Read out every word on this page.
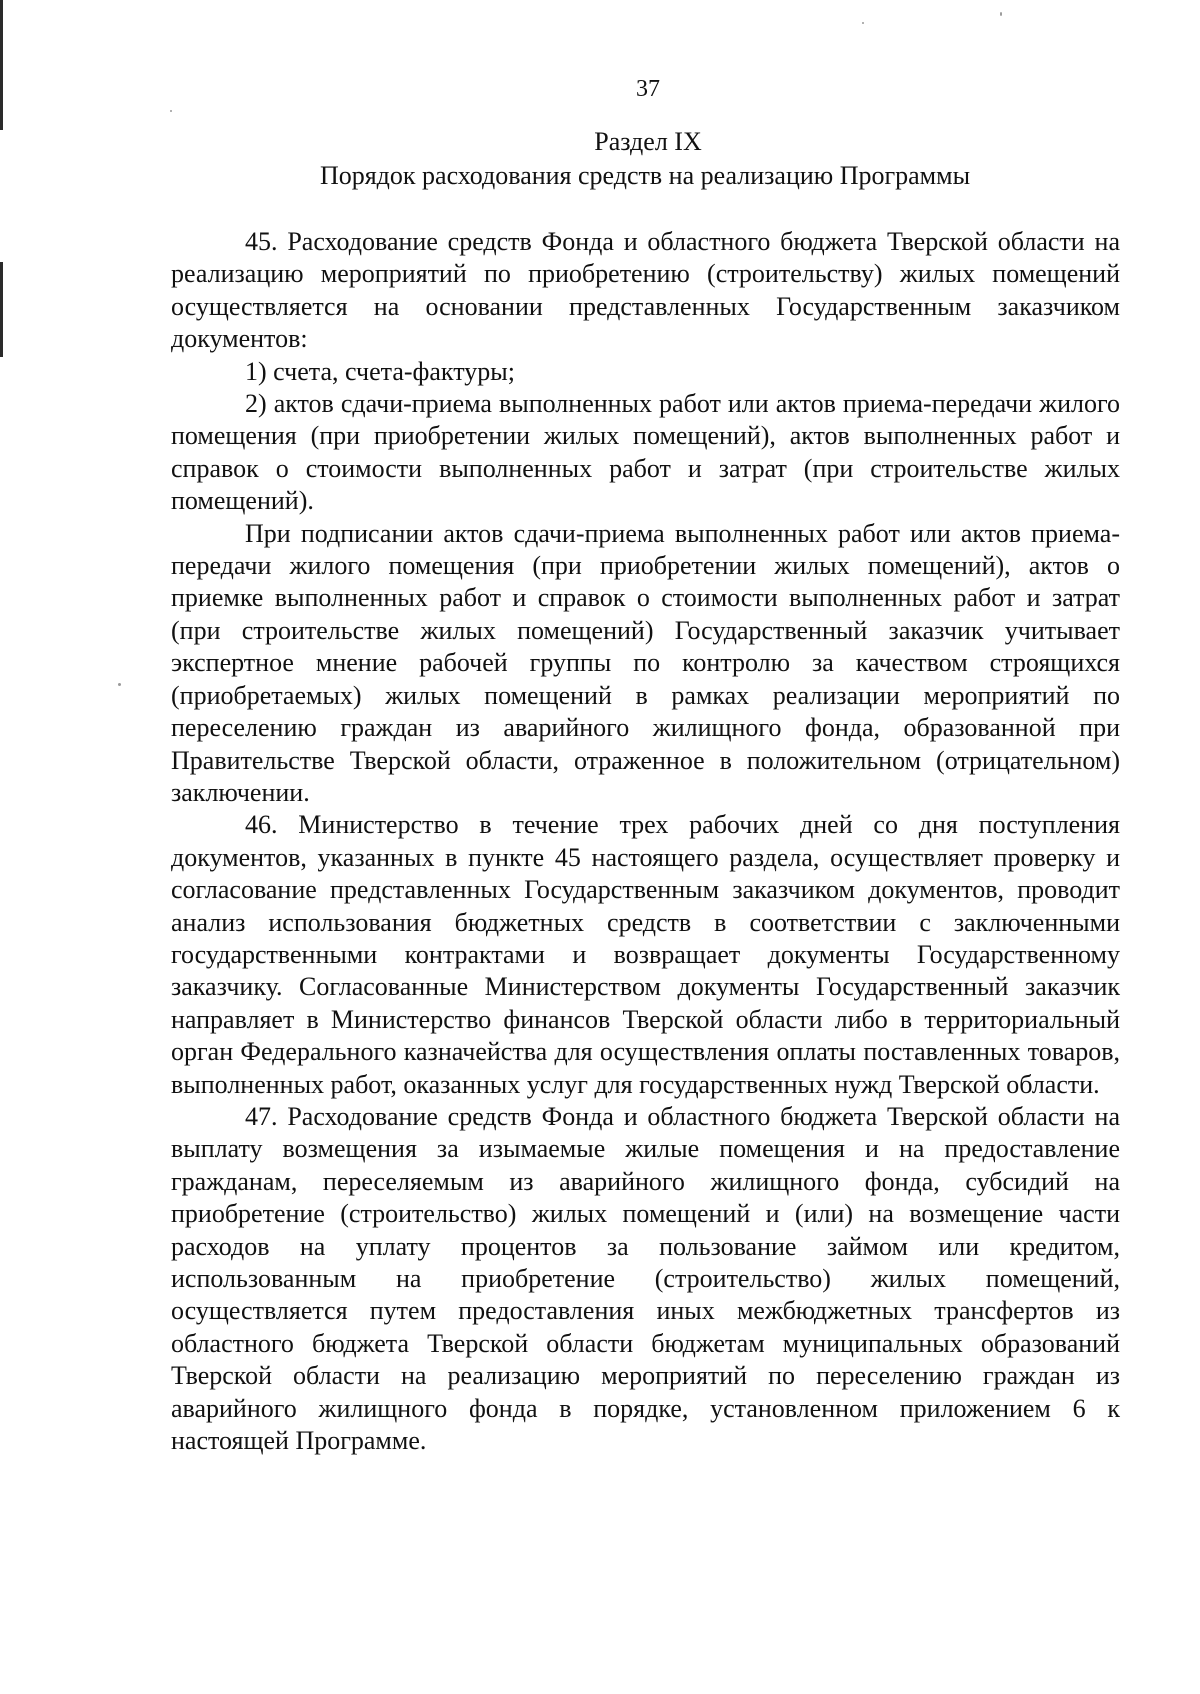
37
Раздел IX
Порядок расходования средств на реализацию Программы

45. Расходование средств Фонда и областного бюджета Тверской области на реализацию мероприятий по приобретению (строительству) жилых помещений осуществляется на основании представленных Государственным заказчиком документов:

1) счета, счета-фактуры;

2) актов сдачи-приема выполненных работ или актов приема-передачи жилого помещения (при приобретении жилых помещений), актов выполненных работ и справок о стоимости выполненных работ и затрат (при строительстве жилых помещений).

При подписании актов сдачи-приема выполненных работ или актов приема-передачи жилого помещения (при приобретении жилых помещений), актов о приемке выполненных работ и справок о стоимости выполненных работ и затрат (при строительстве жилых помещений) Государственный заказчик учитывает экспертное мнение рабочей группы по контролю за качеством строящихся (приобретаемых) жилых помещений в рамках реализации мероприятий по переселению граждан из аварийного жилищного фонда, образованной при Правительстве Тверской области, отраженное в положительном (отрицательном) заключении.

46. Министерство в течение трех рабочих дней со дня поступления документов, указанных в пункте 45 настоящего раздела, осуществляет проверку и согласование представленных Государственным заказчиком документов, проводит анализ использования бюджетных средств в соответствии с заключенными государственными контрактами и возвращает документы Государственному заказчику. Согласованные Министерством документы Государственный заказчик направляет в Министерство финансов Тверской области либо в территориальный орган Федерального казначейства для осуществления оплаты поставленных товаров, выполненных работ, оказанных услуг для государственных нужд Тверской области.

47. Расходование средств Фонда и областного бюджета Тверской области на выплату возмещения за изымаемые жилые помещения и на предоставление гражданам, переселяемым из аварийного жилищного фонда, субсидий на приобретение (строительство) жилых помещений и (или) на возмещение части расходов на уплату процентов за пользование займом или кредитом, использованным на приобретение (строительство) жилых помещений, осуществляется путем предоставления иных межбюджетных трансфертов из областного бюджета Тверской области бюджетам муниципальных образований Тверской области на реализацию мероприятий по переселению граждан из аварийного жилищного фонда в порядке, установленном приложением 6 к настоящей Программе.
